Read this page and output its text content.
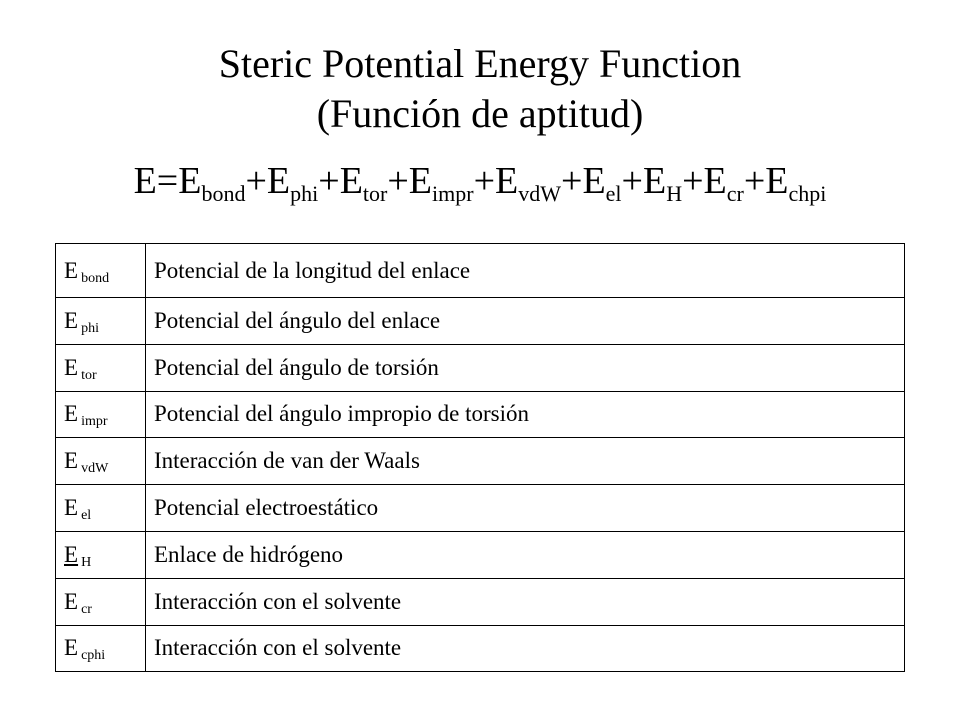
Steric Potential Energy Function
(Función de aptitud)
$E=E_{bond}+E_{phi}+E_{tor}+E_{impr}+E_{vdW}+E_{el}+E_H+E_{cr}+E_{chpi}$
E $_{bond}$	Potencial de la longitud del enlace
E $_{phi}$	Potencial del ángulo del enlace
E $_{tor}$	Potencial del ángulo de torsión
E $_{impr}$	Potencial del ángulo impropio de torsión
E $_{vdW}$	Interacción de van der Waals
E $_{el}$	Potencial electroestático
E $_H$	Enlace de hidrógeno
E $_{cr}$	Interacción con el solvente
E $_{cphi}$	Interacción con el solvente
